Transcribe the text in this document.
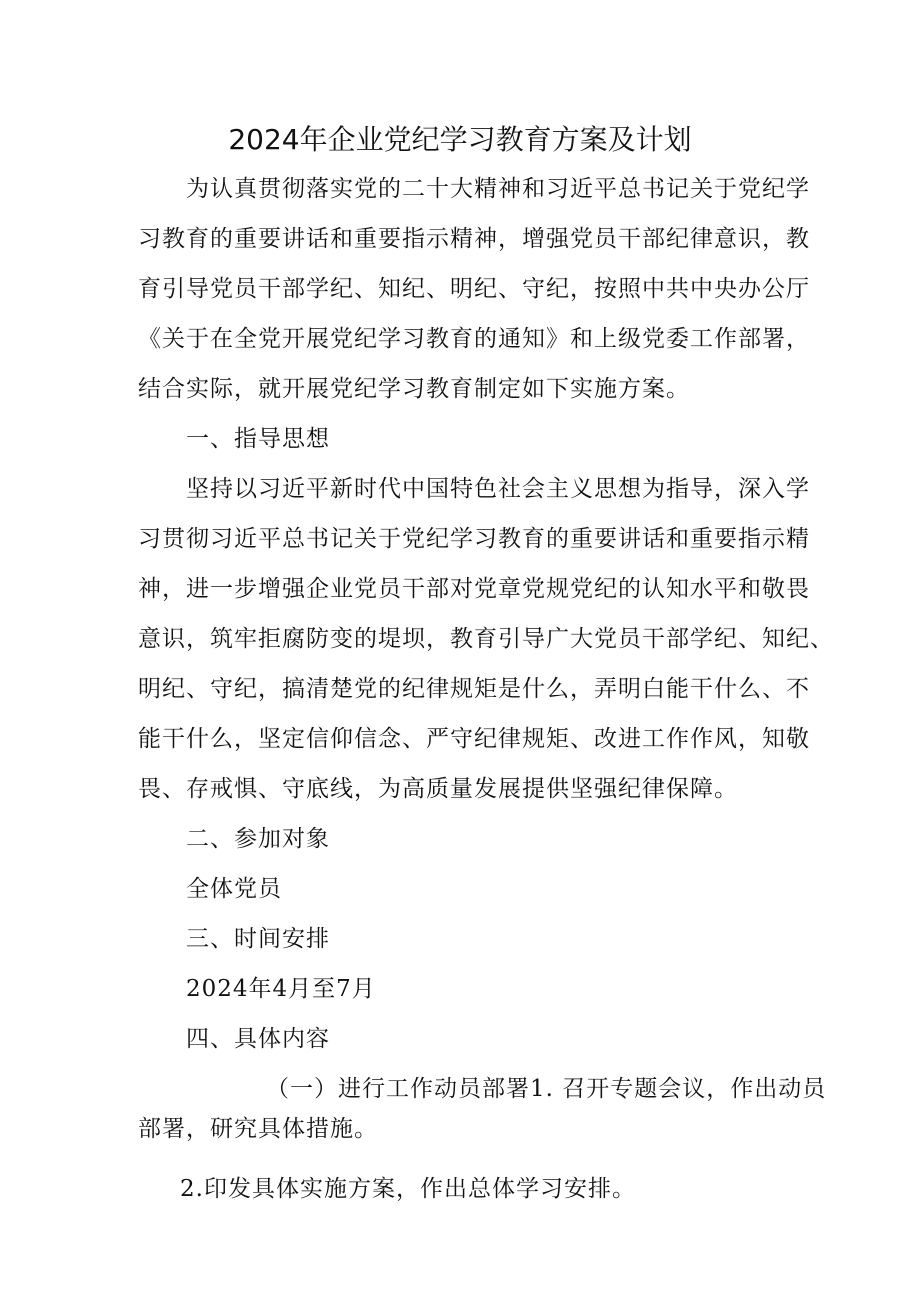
2024年企业党纪学习教育方案及计划
为认真贯彻落实党的二十大精神和习近平总书记关于党纪学
习教育的重要讲话和重要指示精神，增强党员干部纪律意识，教
育引导党员干部学纪、知纪、明纪、守纪，按照中共中央办公厅
《关于在全党开展党纪学习教育的通知》和上级党委工作部署，
结合实际，就开展党纪学习教育制定如下实施方案。
一、指导思想
坚持以习近平新时代中国特色社会主义思想为指导，深入学
习贯彻习近平总书记关于党纪学习教育的重要讲话和重要指示精
神，进一步增强企业党员干部对党章党规党纪的认知水平和敬畏
意识，筑牢拒腐防变的堤坝，教育引导广大党员干部学纪、知纪、
明纪、守纪，搞清楚党的纪律规矩是什么，弄明白能干什么、不
能干什么，坚定信仰信念、严守纪律规矩、改进工作作风，知敬
畏、存戒惧、守底线，为高质量发展提供坚强纪律保障。
二、参加对象
全体党员
三、时间安排
2024年4月至7月
四、具体内容
（一）进行工作动员部署1. 召开专题会议，作出动员
部署，研究具体措施。
2.印发具体实施方案，作出总体学习安排。
